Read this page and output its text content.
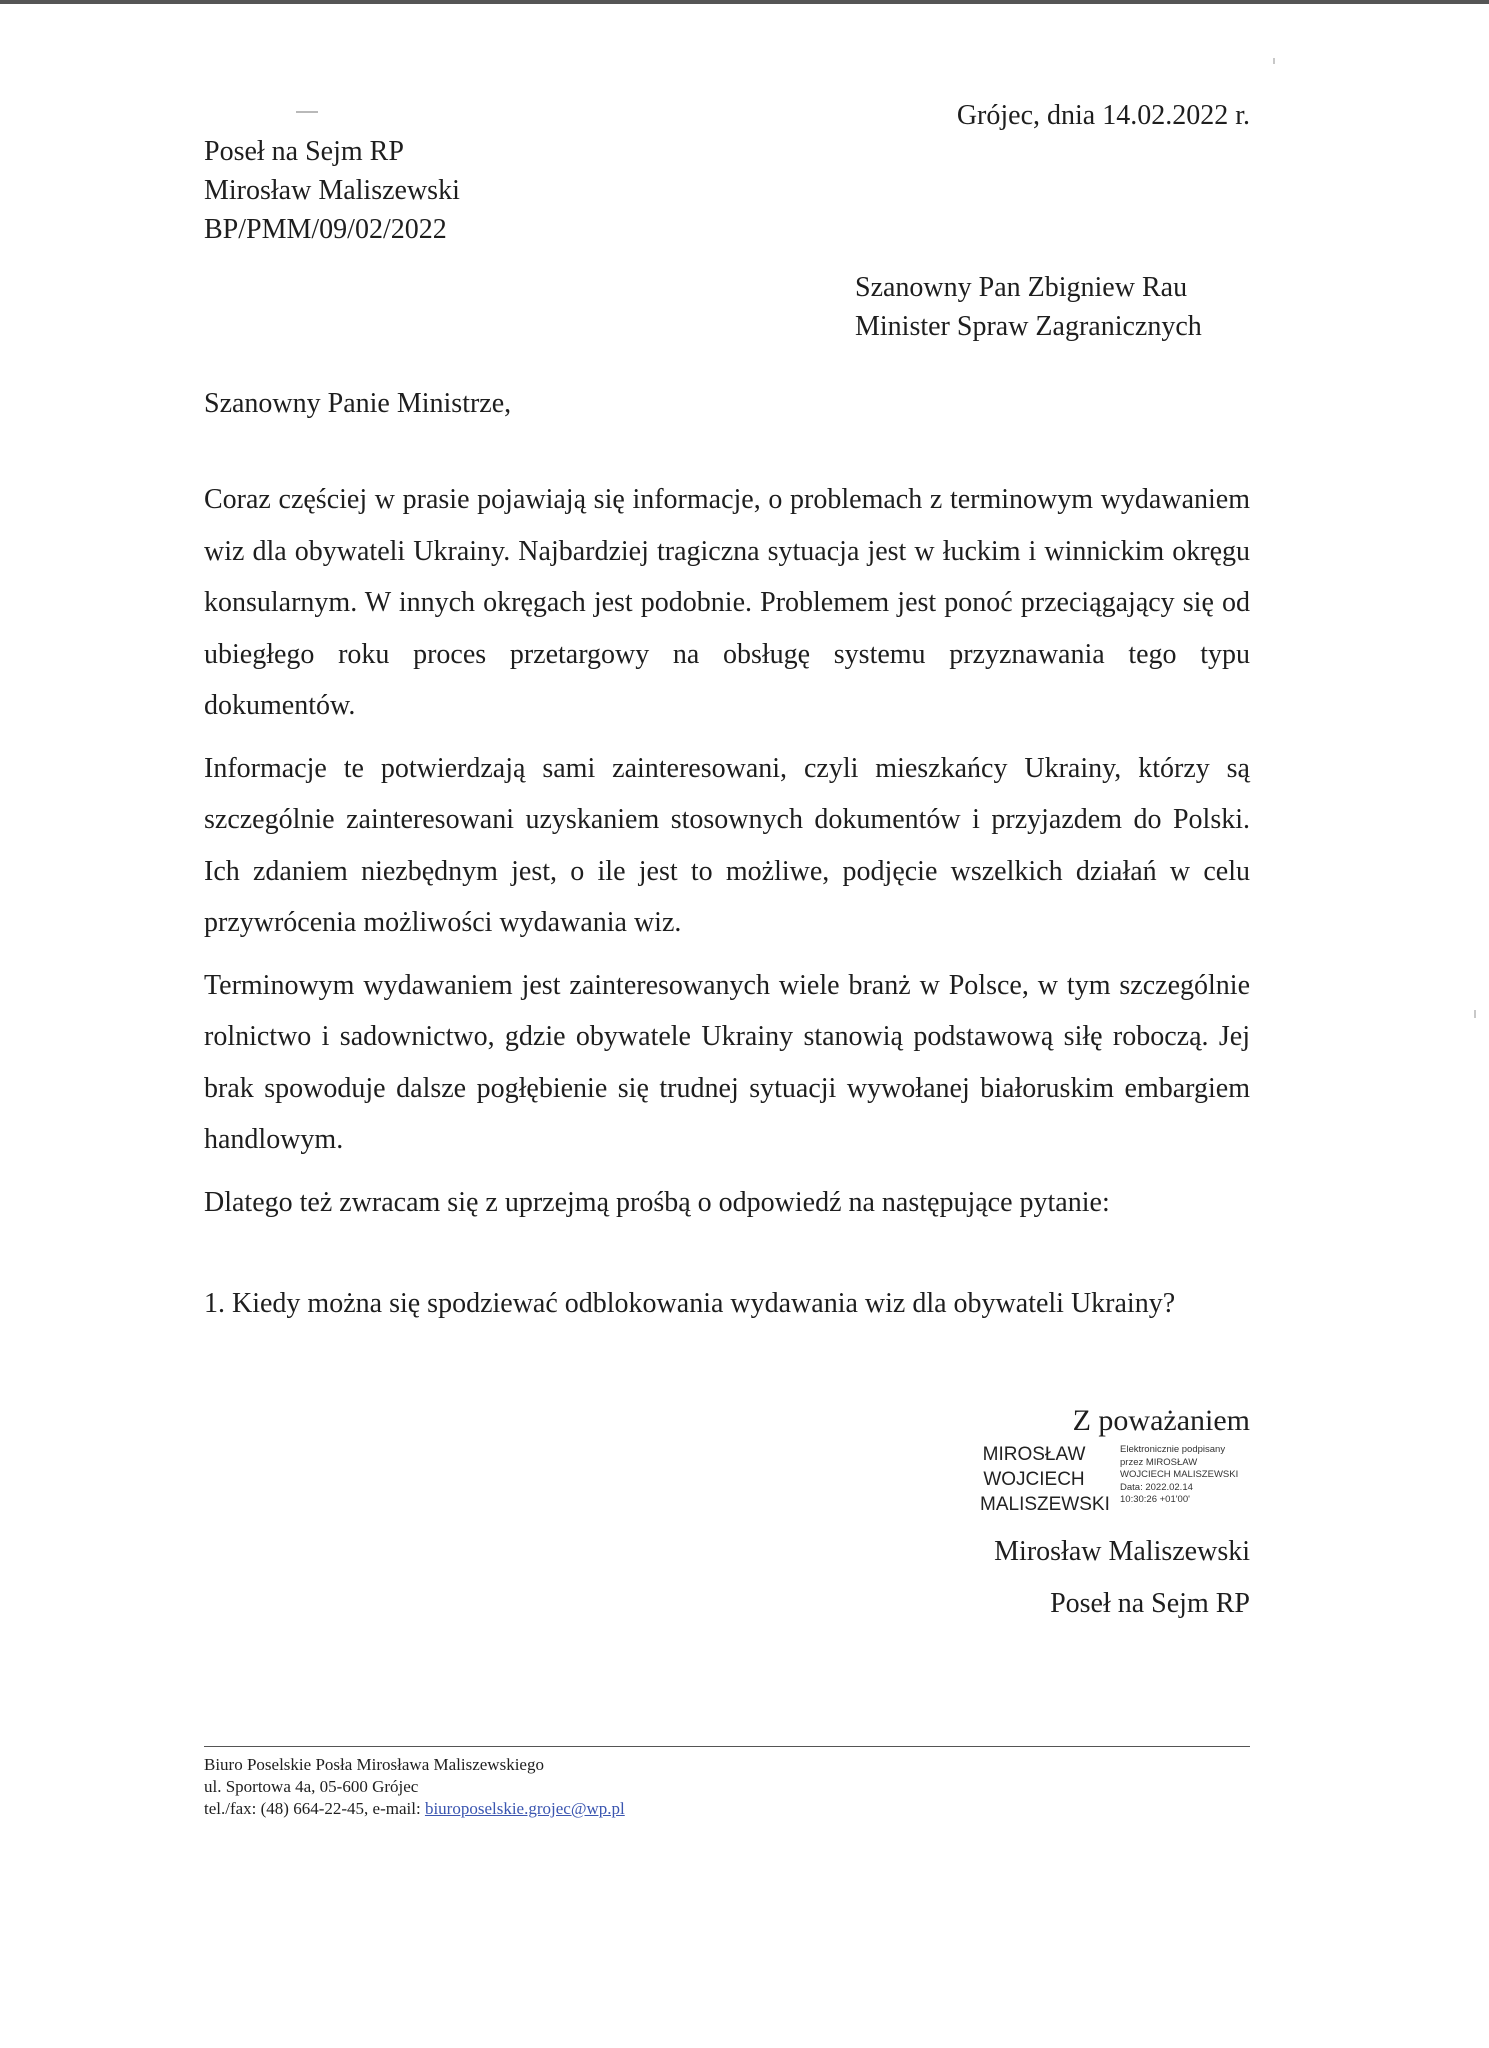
Grójec, dnia 14.02.2022 r.
Poseł na Sejm RP
Mirosław Maliszewski
BP/PMM/09/02/2022
Szanowny Pan Zbigniew Rau
Minister Spraw Zagranicznych
Szanowny Panie Ministrze,

Coraz częściej w prasie pojawiają się informacje, o problemach z terminowym wydawaniem wiz dla obywateli Ukrainy. Najbardziej tragiczna sytuacja jest w łuckim i winnickim okręgu konsularnym. W innych okręgach jest podobnie. Problemem jest ponoć przeciągający się od ubiegłego roku proces przetargowy na obsługę systemu przyznawania tego typu dokumentów.

Informacje te potwierdzają sami zainteresowani, czyli mieszkańcy Ukrainy, którzy są szczególnie zainteresowani uzyskaniem stosownych dokumentów i przyjazdem do Polski. Ich zdaniem niezbędnym jest, o ile jest to możliwe, podjęcie wszelkich działań w celu przywrócenia możliwości wydawania wiz.

Terminowym wydawaniem jest zainteresowanych wiele branż w Polsce, w tym szczególnie rolnictwo i sadownictwo, gdzie obywatele Ukrainy stanowią podstawową siłę roboczą. Jej brak spowoduje dalsze pogłębienie się trudnej sytuacji wywołanej białoruskim embargiem handlowym.

Dlatego też zwracam się z uprzejmą prośbą o odpowiedź na następujące pytanie:

1. Kiedy można się spodziewać odblokowania wydawania wiz dla obywateli Ukrainy?
Z poważaniem
MIROSŁAW
WOJCIECH
MALISZEWSKI
Elektronicznie podpisany
przez MIROSŁAW
WOJCIECH MALISZEWSKI
Data: 2022.02.14
10:30:26 +01'00'
Mirosław Maliszewski
Poseł na Sejm RP
Biuro Poselskie Posła Mirosława Maliszewskiego
ul. Sportowa 4a, 05-600 Grójec
tel./fax: (48) 664-22-45, e-mail: biuroposelskie.grojec@wp.pl
